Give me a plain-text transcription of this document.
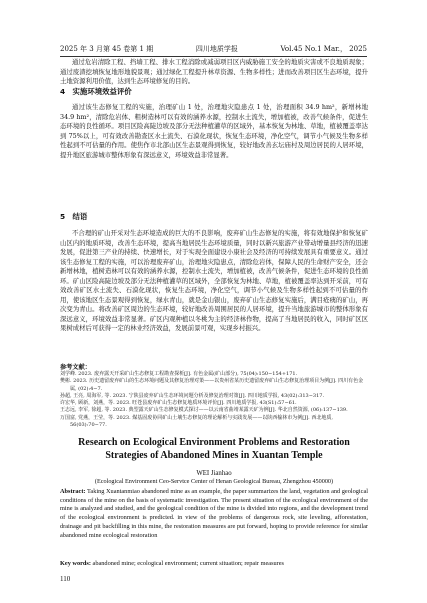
2025 年 3 月第 45 卷第 1 期	四川地质学报	Vol.45 No.1 Mar.， 2025

通过危岩清除工程、挡墙工程、排水工程消除或减弱项目区内威胁施工安全的地质灾害或不良地质现象；通过废渣挖填恢复地形地貌景观；通过绿化工程提升林草资源、生物多样性；进而改善项目区生态环境，提升土地资源利用价值，达到生态环境修复的目的。

4　实施环境效益评价

通过该生态修复工程的实施，治理矿山 1 处，治理地灾隐患点 1 处，治理面积 34.9 hm²，新增林地 34.9 hm²，清除危岩体、粗树造林可以有效的涵养水源，控制水土流失，增加植被，改善气候条件，促进生态环境的良性循环。项目区险高陡边坡及部分无法种植灌草的区域外，基本恢复为林地、草地，植被覆盖率达到 75%以上，可有效改善勘查区水土流失、石漠化现状，恢复生态环境，净化空气，调节小气候及生物多样性起到不可估量的作用。使焦作市北部山区生态景观得到恢复，较好地改善玄坛庙村及周边居民的人居环境，提升地区旅游城市整体形象有深远意义，环境效益非常显著。

5　结语

不合理的矿山开采对生态环境造成的巨大的不良影响，废弃矿山生态修复的实施，将有效地保护和恢复矿山区内的地质环境，改善生态环境，提高当地居民生态环境质量，同时以新兴旅游产业带动增量县经济的迅速发展，促进第三产业的持续、快速增长，对于实现全面建设小康社会及经济的可持续发展具有重要意义。通过该生态修复工程的实施，可以治理废弃矿山，治理地灾隐患点，清除危岩体，保障人民的生命财产安全，还会新增林地，植树造林可以有效的涵养水源，控制水土流失，增加植被，改善气候条件，促进生态环境的良性循环。矿山区险高陡边坡及部分无法种植灌草的区域外，全部恢复为林地、草地，植被覆盖率达到开采前，可有效改善矿区水土流失、石漠化现状，恢复生态环境，净化空气，调节小气候及生物多样性起到不可估量的作用，使该地区生态景观得到恢复，绿水青山，就是金山银山，废弃矿山生态修复实施后，满目疮痍的矿山，再次变为青山。将改善矿区周边的生态环境，较好地改善周围居民的人居环境，提升当地旅游城市的整体形象有深远意义，环境效益非常显著。矿区内观种植以冬桃为主的经济林作物，提高了当地居民的收入，同时矿区区果树成材后可获得一定的林业经济效益，发展前景可观，实现乡村振兴。

参考文献：

刘学峰. 2023. 废弃露天开采矿山生态修复工程勘查探析[J]. 有色金属(矿山部分), 75(04):150−154+171.

樊彬. 2023. 历史遗留废弃矿山的生态环境问题及其修复治理对策——以贵州省某历史遗留废弃矿山生态修复治理项目为例[J]. 四川有色金属, (02):4−7.

孙超, 王亮, 周海军, 等. 2023. 宁陕县废弃矿山生态环境问题分析及修复治理对策[J]. 四川地质学报, 43(02):313−317.

许宏华, 顾新，刘燕，等. 2023. 旺苍县废弃矿山生态修复地质环境评价[J]. 四川地质学报, 43(S1):57−61.

王志远, 李军, 徐超, 等. 2023. 典型露天矿山生态修复模式探讨——以云南省曲靖某露天矿为例[J]. 华北自然资源, (06):137−139.

万国富, 党燕，王莹，等. 2023. 煤基固废协同矿山土壤生态修复的理论解析与实践发展——以陕西榆林市为例[J]. 西北地质, 56(03):70−77.

Research on Ecological Environment Problems and Restoration Strategies of Abandoned Mines in Xuantan Temple
WEI Jianhao
(Ecological Environment Ceo-Servtce Center of Henan Geological Bureau, Zhengzhou 450000)

Abstract: Taking Xuantanmiao abandoned mine as an example, the paper summarizes the land, vegetation and geological conditions of the mine on the basis of systematic investigation. The present situation of the ecological environment of the mine is analyzed and studied, and the geological condition of the mine is divided into regions, and the development trend of the ecological environment is predicted. in view of the problems of dangerous rock, site leveling, afforestation, drainage and pit backfilling in this mine, the restoration measures are put forward, hoping to provide reference for similar abandoned mine ecological restoration

Key words: abandoned mine; ecological environment; current situation; repair measures

110
